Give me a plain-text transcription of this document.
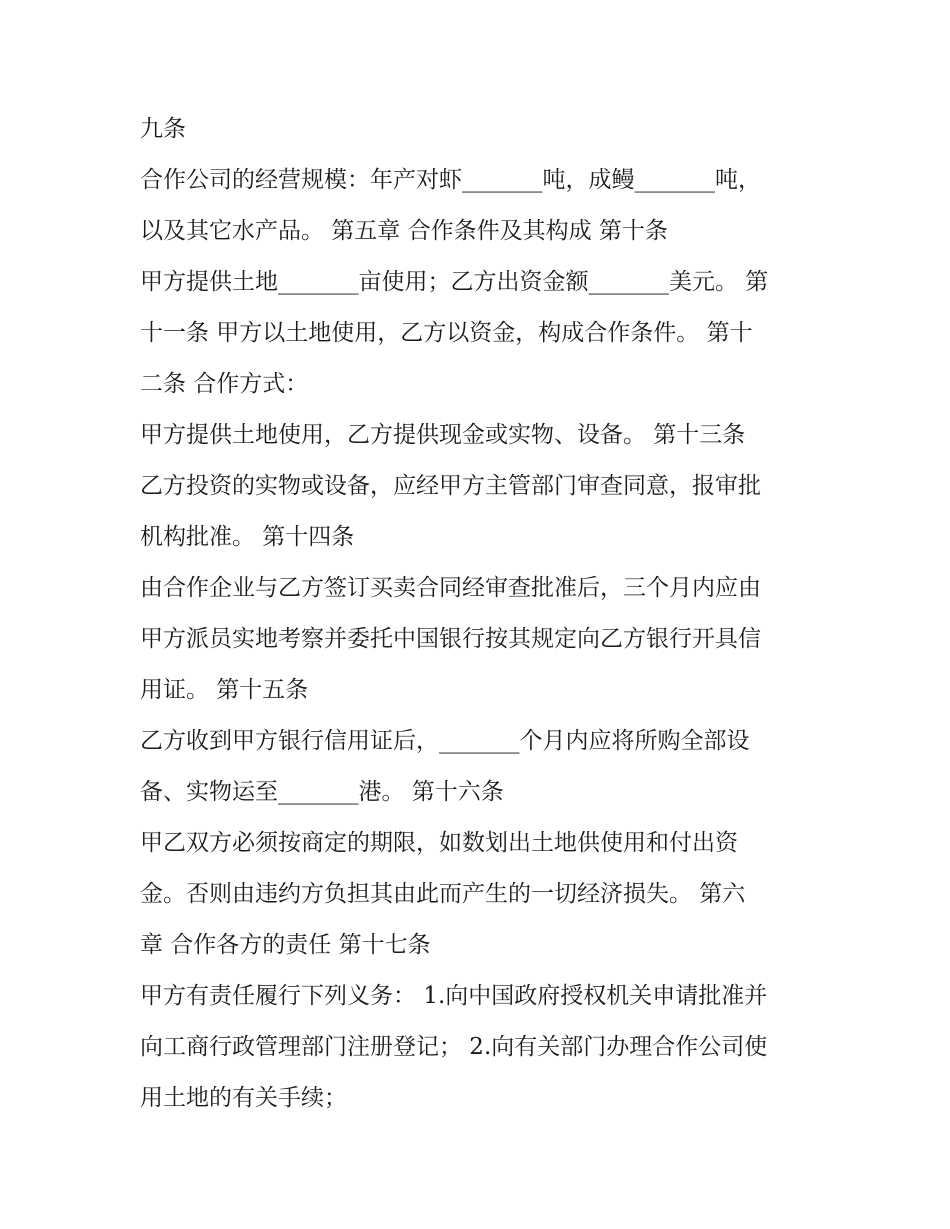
九条
合作公司的经营规模：年产对虾_______吨，成鳗_______吨，
以及其它水产品。 第五章 合作条件及其构成 第十条
甲方提供土地_______亩使用；乙方出资金额_______美元。 第
十一条 甲方以土地使用，乙方以资金，构成合作条件。 第十
二条 合作方式：
甲方提供土地使用，乙方提供现金或实物、设备。 第十三条
乙方投资的实物或设备，应经甲方主管部门审查同意，报审批
机构批准。 第十四条
由合作企业与乙方签订买卖合同经审查批准后，三个月内应由
甲方派员实地考察并委托中国银行按其规定向乙方银行开具信
用证。 第十五条
乙方收到甲方银行信用证后，_______个月内应将所购全部设
备、实物运至_______港。 第十六条
甲乙双方必须按商定的期限，如数划出土地供使用和付出资
金。否则由违约方负担其由此而产生的一切经济损失。 第六
章 合作各方的责任 第十七条
甲方有责任履行下列义务： 1.向中国政府授权机关申请批准并
向工商行政管理部门注册登记； 2.向有关部门办理合作公司使
用土地的有关手续；
